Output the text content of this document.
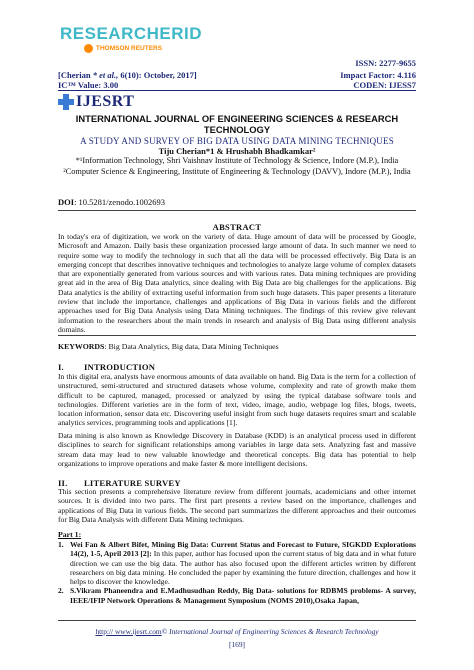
RESEARCHERID
THOMSON REUTERS
ISSN: 2277-9655
[Cherian * et al., 6(10): October, 2017]	Impact Factor: 4.116
IC™ Value: 3.00	CODEN: IJESS7
IJESRT
INTERNATIONAL JOURNAL OF ENGINEERING SCIENCES & RESEARCH TECHNOLOGY
A STUDY AND SURVEY OF BIG DATA USING DATA MINING TECHNIQUES
Tiju Cherian*1 & Hrushabh Bhadkamkar²
*¹Information Technology, Shri Vaishnav Institute of Technology & Science, Indore (M.P.), India
²Computer Science & Engineering, Institute of Engineering & Technology (DAVV), Indore (M.P.), India
DOI: 10.5281/zenodo.1002693
ABSTRACT
In today's era of digitization, we work on the variety of data. Huge amount of data will be processed by Google, Microsoft and Amazon. Daily basis these organization processed large amount of data. In such manner we need to require some way to modify the technology in such that all the data will be processed effectively. Big Data is an emerging concept that describes innovative techniques and technologies to analyze large volume of complex datasets that are exponentially generated from various sources and with various rates. Data mining techniques are providing great aid in the area of Big Data analytics, since dealing with Big Data are big challenges for the applications. Big Data analytics is the ability of extracting useful information from such huge datasets. This paper presents a literature review that include the importance, challenges and applications of Big Data in various fields and the different approaches used for Big Data Analysis using Data Mining techniques. The findings of this review give relevant information to the researchers about the main trends in research and analysis of Big Data using different analysis domains.
KEYWORDS: Big Data Analytics, Big data, Data Mining Techniques
I. INTRODUCTION
In this digital era, analysts have enormous amounts of data available on hand. Big Data is the term for a collection of unstructured, semi-structured and structured datasets whose volume, complexity and rate of growth make them difficult to be captured, managed, processed or analyzed by using the typical database software tools and technologies. Different varieties are in the form of text, video, image, audio, webpage log files, blogs, tweets, location information, sensor data etc. Discovering useful insight from such huge datasets requires smart and scalable analytics services, programming tools and applications [1].
Data mining is also known as Knowledge Discovery in Database (KDD) is an analytical process used in different disciplines to search for significant relationships among variables in large data sets. Analyzing fast and massive stream data may lead to new valuable knowledge and theoretical concepts. Big data has potential to help organizations to improve operations and make faster & more intelligent decisions.
II. LITERATURE SURVEY
This section presents a comprehensive literature review from different journals, academicians and other internet sources. It is divided into two parts. The first part presents a review based on the importance, challenges and applications of Big Data in various fields. The second part summarizes the different approaches and their outcomes for Big Data Analysis with different Data Mining techniques.
Part 1:
1. Wei Fan & Albert Bifet, Mining Big Data: Current Status and Forecast to Future, SIGKDD Explorations 14(2), 1-5, April 2013 [2]: In this paper, author has focused upon the current status of big data and in what future direction we can use the big data. The author has also focused upon the different articles written by different researchers on big data mining. He concluded the paper by examining the future direction, challenges and how it helps to discover the knowledge.
2. S.Vikram Phaneendra and E.Madhusudhan Reddy, Big Data- solutions for RDBMS problems- A survey, IEEE/IFIP Network Operations & Management Symposium (NOMS 2010),Osaka Japan,
http:// www.ijesrt.com© International Journal of Engineering Sciences & Research Technology
[169]
